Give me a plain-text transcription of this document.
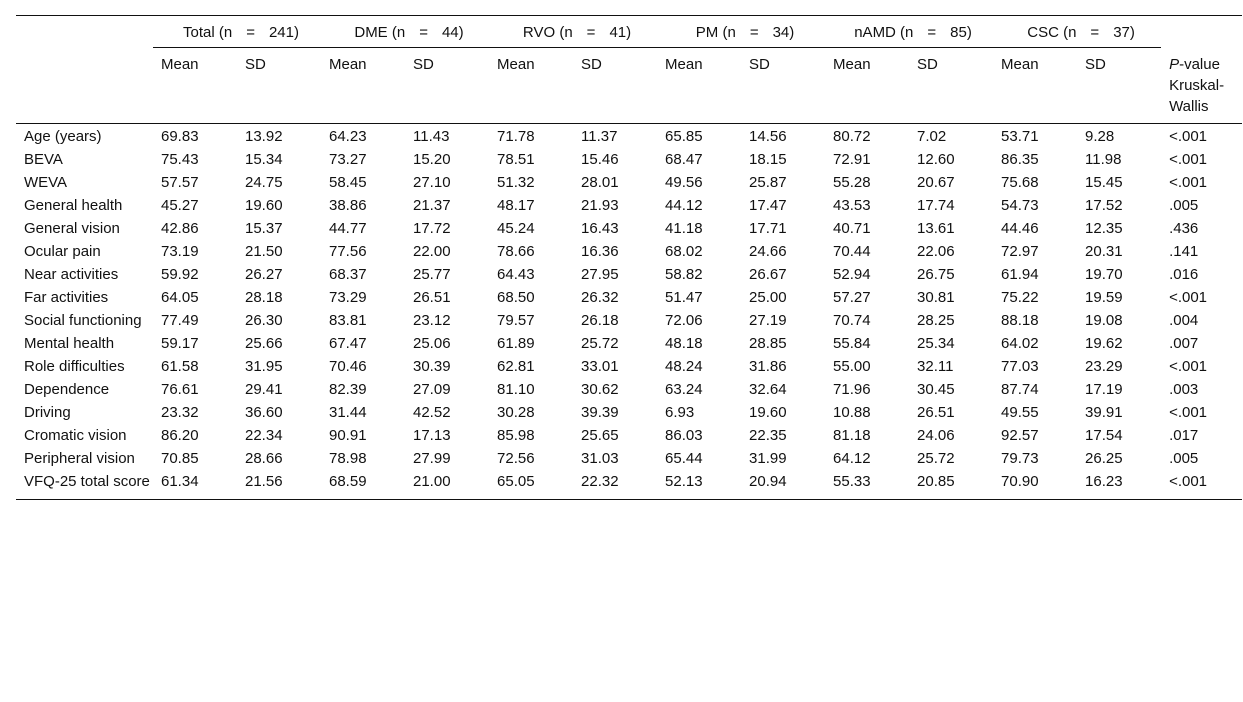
	Total (n = 241)		DME (n = 44)		RVO (n = 41)		PM (n = 34)		nAMD (n = 85)		CSC (n = 37)		
	Mean	SD	Mean	SD	Mean	SD	Mean	SD	Mean	SD	Mean	SD	P-value Kruskal-Wallis
Age (years)	69.83	13.92	64.23	11.43	71.78	11.37	65.85	14.56	80.72	7.02	53.71	9.28	<.001
BEVA	75.43	15.34	73.27	15.20	78.51	15.46	68.47	18.15	72.91	12.60	86.35	11.98	<.001
WEVA	57.57	24.75	58.45	27.10	51.32	28.01	49.56	25.87	55.28	20.67	75.68	15.45	<.001
General health	45.27	19.60	38.86	21.37	48.17	21.93	44.12	17.47	43.53	17.74	54.73	17.52	.005
General vision	42.86	15.37	44.77	17.72	45.24	16.43	41.18	17.71	40.71	13.61	44.46	12.35	.436
Ocular pain	73.19	21.50	77.56	22.00	78.66	16.36	68.02	24.66	70.44	22.06	72.97	20.31	.141
Near activities	59.92	26.27	68.37	25.77	64.43	27.95	58.82	26.67	52.94	26.75	61.94	19.70	.016
Far activities	64.05	28.18	73.29	26.51	68.50	26.32	51.47	25.00	57.27	30.81	75.22	19.59	<.001
Social functioning	77.49	26.30	83.81	23.12	79.57	26.18	72.06	27.19	70.74	28.25	88.18	19.08	.004
Mental health	59.17	25.66	67.47	25.06	61.89	25.72	48.18	28.85	55.84	25.34	64.02	19.62	.007
Role difficulties	61.58	31.95	70.46	30.39	62.81	33.01	48.24	31.86	55.00	32.11	77.03	23.29	<.001
Dependence	76.61	29.41	82.39	27.09	81.10	30.62	63.24	32.64	71.96	30.45	87.74	17.19	.003
Driving	23.32	36.60	31.44	42.52	30.28	39.39	6.93	19.60	10.88	26.51	49.55	39.91	<.001
Cromatic vision	86.20	22.34	90.91	17.13	85.98	25.65	86.03	22.35	81.18	24.06	92.57	17.54	.017
Peripheral vision	70.85	28.66	78.98	27.99	72.56	31.03	65.44	31.99	64.12	25.72	79.73	26.25	.005
VFQ-25 total score	61.34	21.56	68.59	21.00	65.05	22.32	52.13	20.94	55.33	20.85	70.90	16.23	<.001
